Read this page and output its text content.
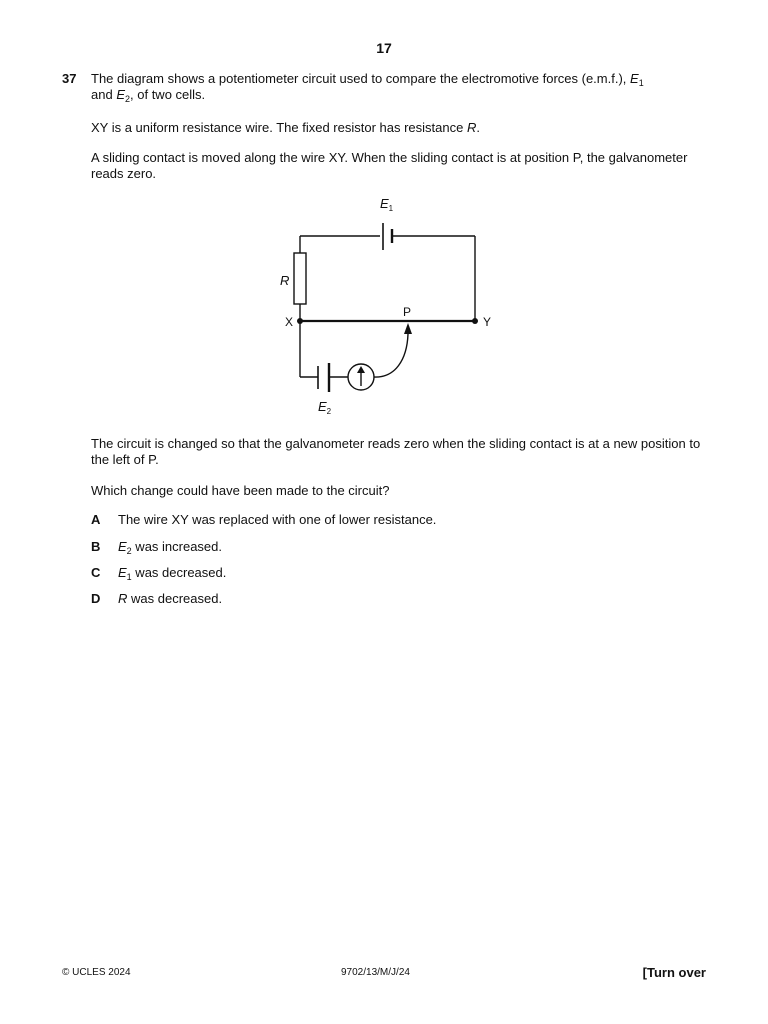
17
37 The diagram shows a potentiometer circuit used to compare the electromotive forces (e.m.f.), $E_1$
and $E_2$, of two cells.
XY is a uniform resistance wire. The fixed resistor has resistance R.
A sliding contact is moved along the wire XY. When the sliding contact is at position P, the galvanometer reads zero.
$E_1$
R
X	Y
P
$E_2$
The circuit is changed so that the galvanometer reads zero when the sliding contact is at a new position to the left of P.
Which change could have been made to the circuit?
A The wire XY was replaced with one of lower resistance.
B $E_2$ was increased.
C $E_1$ was decreased.
D R was decreased.
© UCLES 2024	9702/13/M/J/24	[Turn over
